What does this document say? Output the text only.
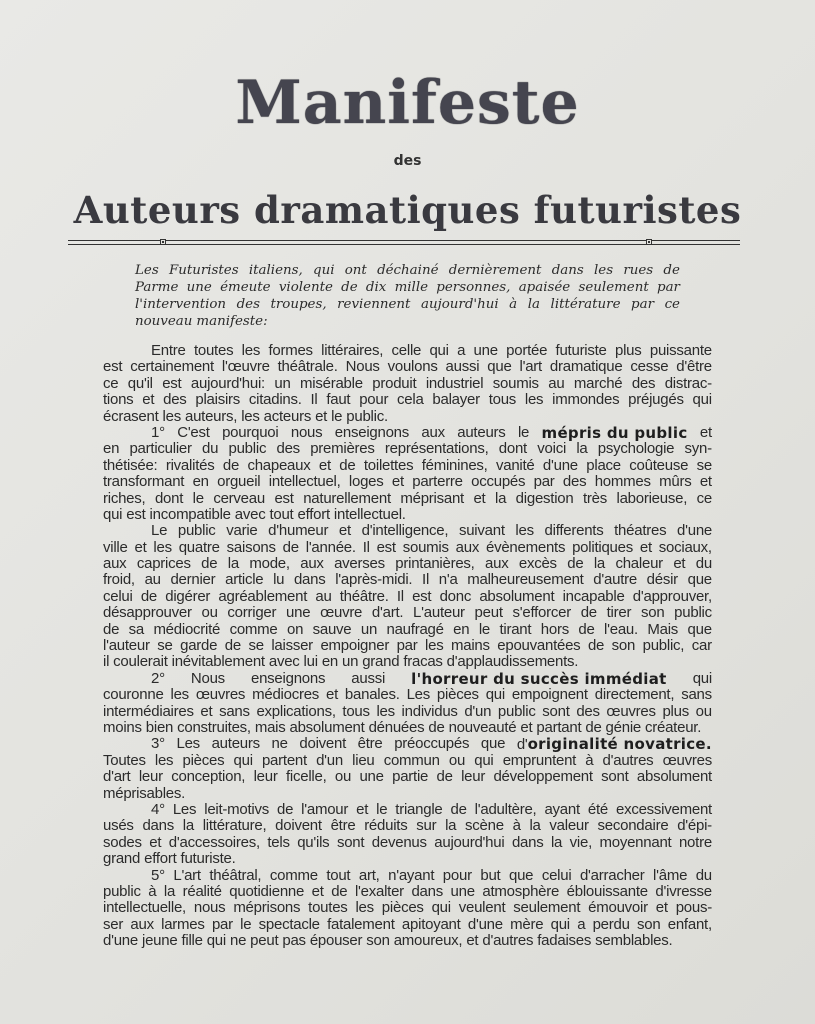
Manifeste
des
Auteurs dramatiques futuristes
Les Futuristes italiens, qui ont déchainé dernièrement dans les rues de
Parme une émeute violente de dix mille personnes, apaisée seulement par
l'intervention des troupes, reviennent aujourd'hui à la littérature par ce
nouveau manifeste:
Entre toutes les formes littéraires, celle qui a une portée futuriste plus puissante
est certainement l'œuvre théâtrale. Nous voulons aussi que l'art dramatique cesse d'être
ce qu'il est aujourd'hui: un misérable produit industriel soumis au marché des distrac-
tions et des plaisirs citadins. Il faut pour cela balayer tous les immondes préjugés qui
écrasent les auteurs, les acteurs et le public.
1° C'est pourquoi nous enseignons aux auteurs le mépris du public et
en particulier du public des premières représentations, dont voici la psychologie syn-
thétisée: rivalités de chapeaux et de toilettes féminines, vanité d'une place coûteuse se
transformant en orgueil intellectuel, loges et parterre occupés par des hommes mûrs et
riches, dont le cerveau est naturellement méprisant et la digestion très laborieuse, ce
qui est incompatible avec tout effort intellectuel.
Le public varie d'humeur et d'intelligence, suivant les differents théatres d'une
ville et les quatre saisons de l'année. Il est soumis aux évènements politiques et sociaux,
aux caprices de la mode, aux averses printanières, aux excès de la chaleur et du
froid, au dernier article lu dans l'après-midi. Il n'a malheureusement d'autre désir que
celui de digérer agréablement au théâtre. Il est donc absolument incapable d'approuver,
désapprouver ou corriger une œuvre d'art. L'auteur peut s'efforcer de tirer son public
de sa médiocrité comme on sauve un naufragé en le tirant hors de l'eau. Mais que
l'auteur se garde de se laisser empoigner par les mains epouvantées de son public, car
il coulerait inévitablement avec lui en un grand fracas d'applaudissements.
2° Nous enseignons aussi l'horreur du succès immédiat qui
couronne les œuvres médiocres et banales. Les pièces qui empoignent directement, sans
intermédiaires et sans explications, tous les individus d'un public sont des œuvres plus ou
moins bien construites, mais absolument dénuées de nouveauté et partant de génie créateur.
3° Les auteurs ne doivent être préoccupés que d'originalité novatrice.
Toutes les pièces qui partent d'un lieu commun ou qui empruntent à d'autres œuvres
d'art leur conception, leur ficelle, ou une partie de leur développement sont absolument
méprisables.
4° Les leit-motivs de l'amour et le triangle de l'adultère, ayant été excessivement
usés dans la littérature, doivent être réduits sur la scène à la valeur secondaire d'épi-
sodes et d'accessoires, tels qu'ils sont devenus aujourd'hui dans la vie, moyennant notre
grand effort futuriste.
5° L'art théâtral, comme tout art, n'ayant pour but que celui d'arracher l'âme du
public à la réalité quotidienne et de l'exalter dans une atmosphère éblouissante d'ivresse
intellectuelle, nous méprisons toutes les pièces qui veulent seulement émouvoir et pous-
ser aux larmes par le spectacle fatalement apitoyant d'une mère qui a perdu son enfant,
d'une jeune fille qui ne peut pas épouser son amoureux, et d'autres fadaises semblables.
